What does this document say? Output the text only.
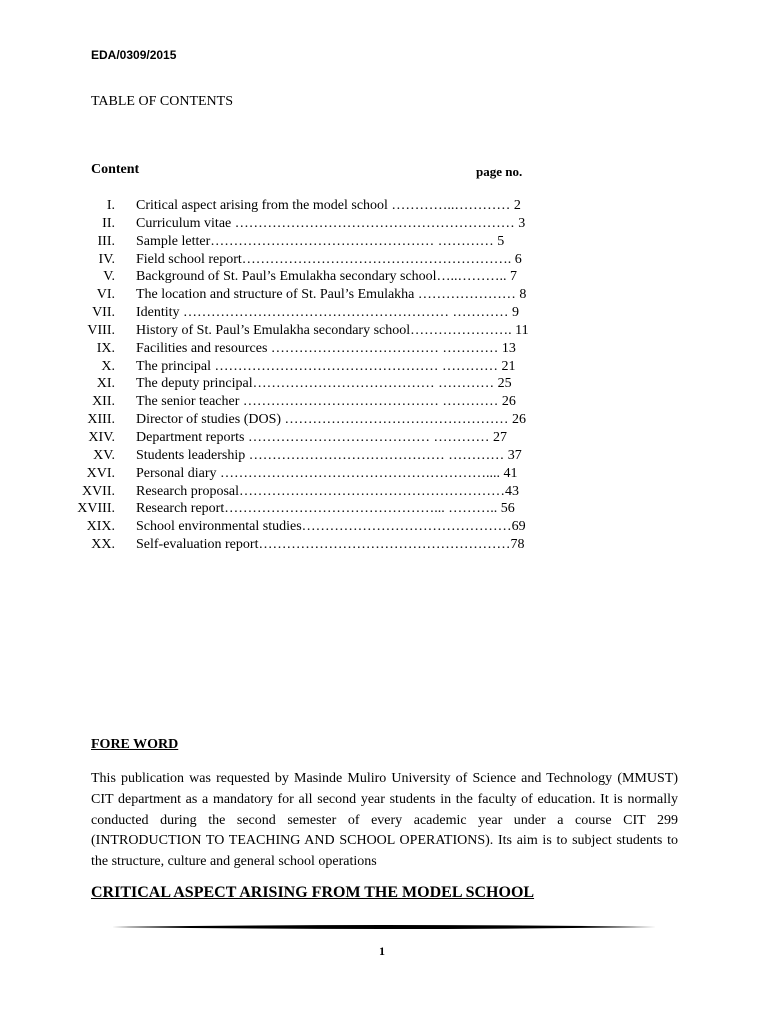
EDA/0309/2015
TABLE OF CONTENTS
Content	page no.
I. Critical aspect arising from the model school …………..………… 2
II. Curriculum vitae …………………………………………………… 3
III. Sample letter………………………………………… ………… 5
IV. Field school report…………………………………………………. 6
V. Background of St. Paul’s Emulakha secondary school…..……….. 7
VI. The location and structure of St. Paul’s Emulakha ………………… 8
VII. Identity ………………………………………………… ………… 9
VIII. History of St. Paul’s Emulakha secondary school…………………. 11
IX. Facilities and resources ……………………………… ………… 13
X. The principal ………………………………………… ………… 21
XI. The deputy principal………………………………… ………… 25
XII. The senior teacher …………………………………… ………… 26
XIII. Director of studies (DOS) ………………………………………… 26
XIV. Department reports ………………………………… ………… 27
XV. Students leadership …………………………………… ………… 37
XVI. Personal diary ………………………………………………….... 41
XVII. Research proposal…………………………………………………43
XVIII. Research report………………………………………... ……….. 56
XIX. School environmental studies………………………………………69
XX. Self-evaluation report………………………………………………78
FORE WORD

This publication was requested by Masinde Muliro University of Science and Technology (MMUST) CIT department as a mandatory for all second year students in the faculty of education. It is normally conducted during the second semester of every academic year under a course CIT 299 (INTRODUCTION TO TEACHING AND SCHOOL OPERATIONS). Its aim is to subject students to the structure, culture and general school operations

CRITICAL ASPECT ARISING FROM THE MODEL SCHOOL
1
